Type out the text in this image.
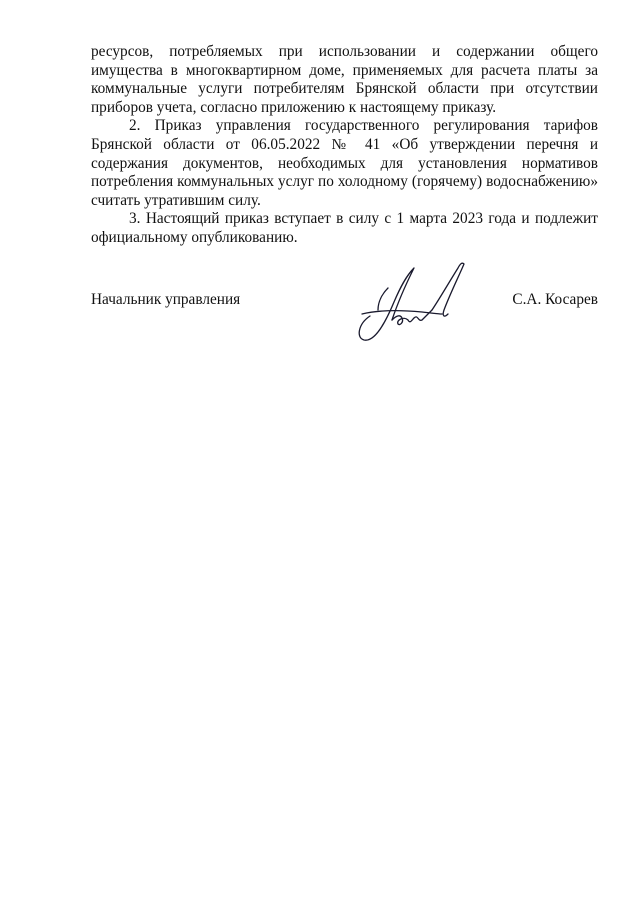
ресурсов, потребляемых при использовании и содержании общего имущества в многоквартирном доме, применяемых для расчета платы за коммунальные услуги потребителям Брянской области при отсутствии приборов учета, согласно приложению к настоящему приказу.

2. Приказ управления государственного регулирования тарифов Брянской области от 06.05.2022 № 41 «Об утверждении перечня и содержания документов, необходимых для установления нормативов потребления коммунальных услуг по холодному (горячему) водоснабжению» считать утратившим силу.

3. Настоящий приказ вступает в силу с 1 марта 2023 года и подлежит официальному опубликованию.

Начальник управления	С.А. Косарев
